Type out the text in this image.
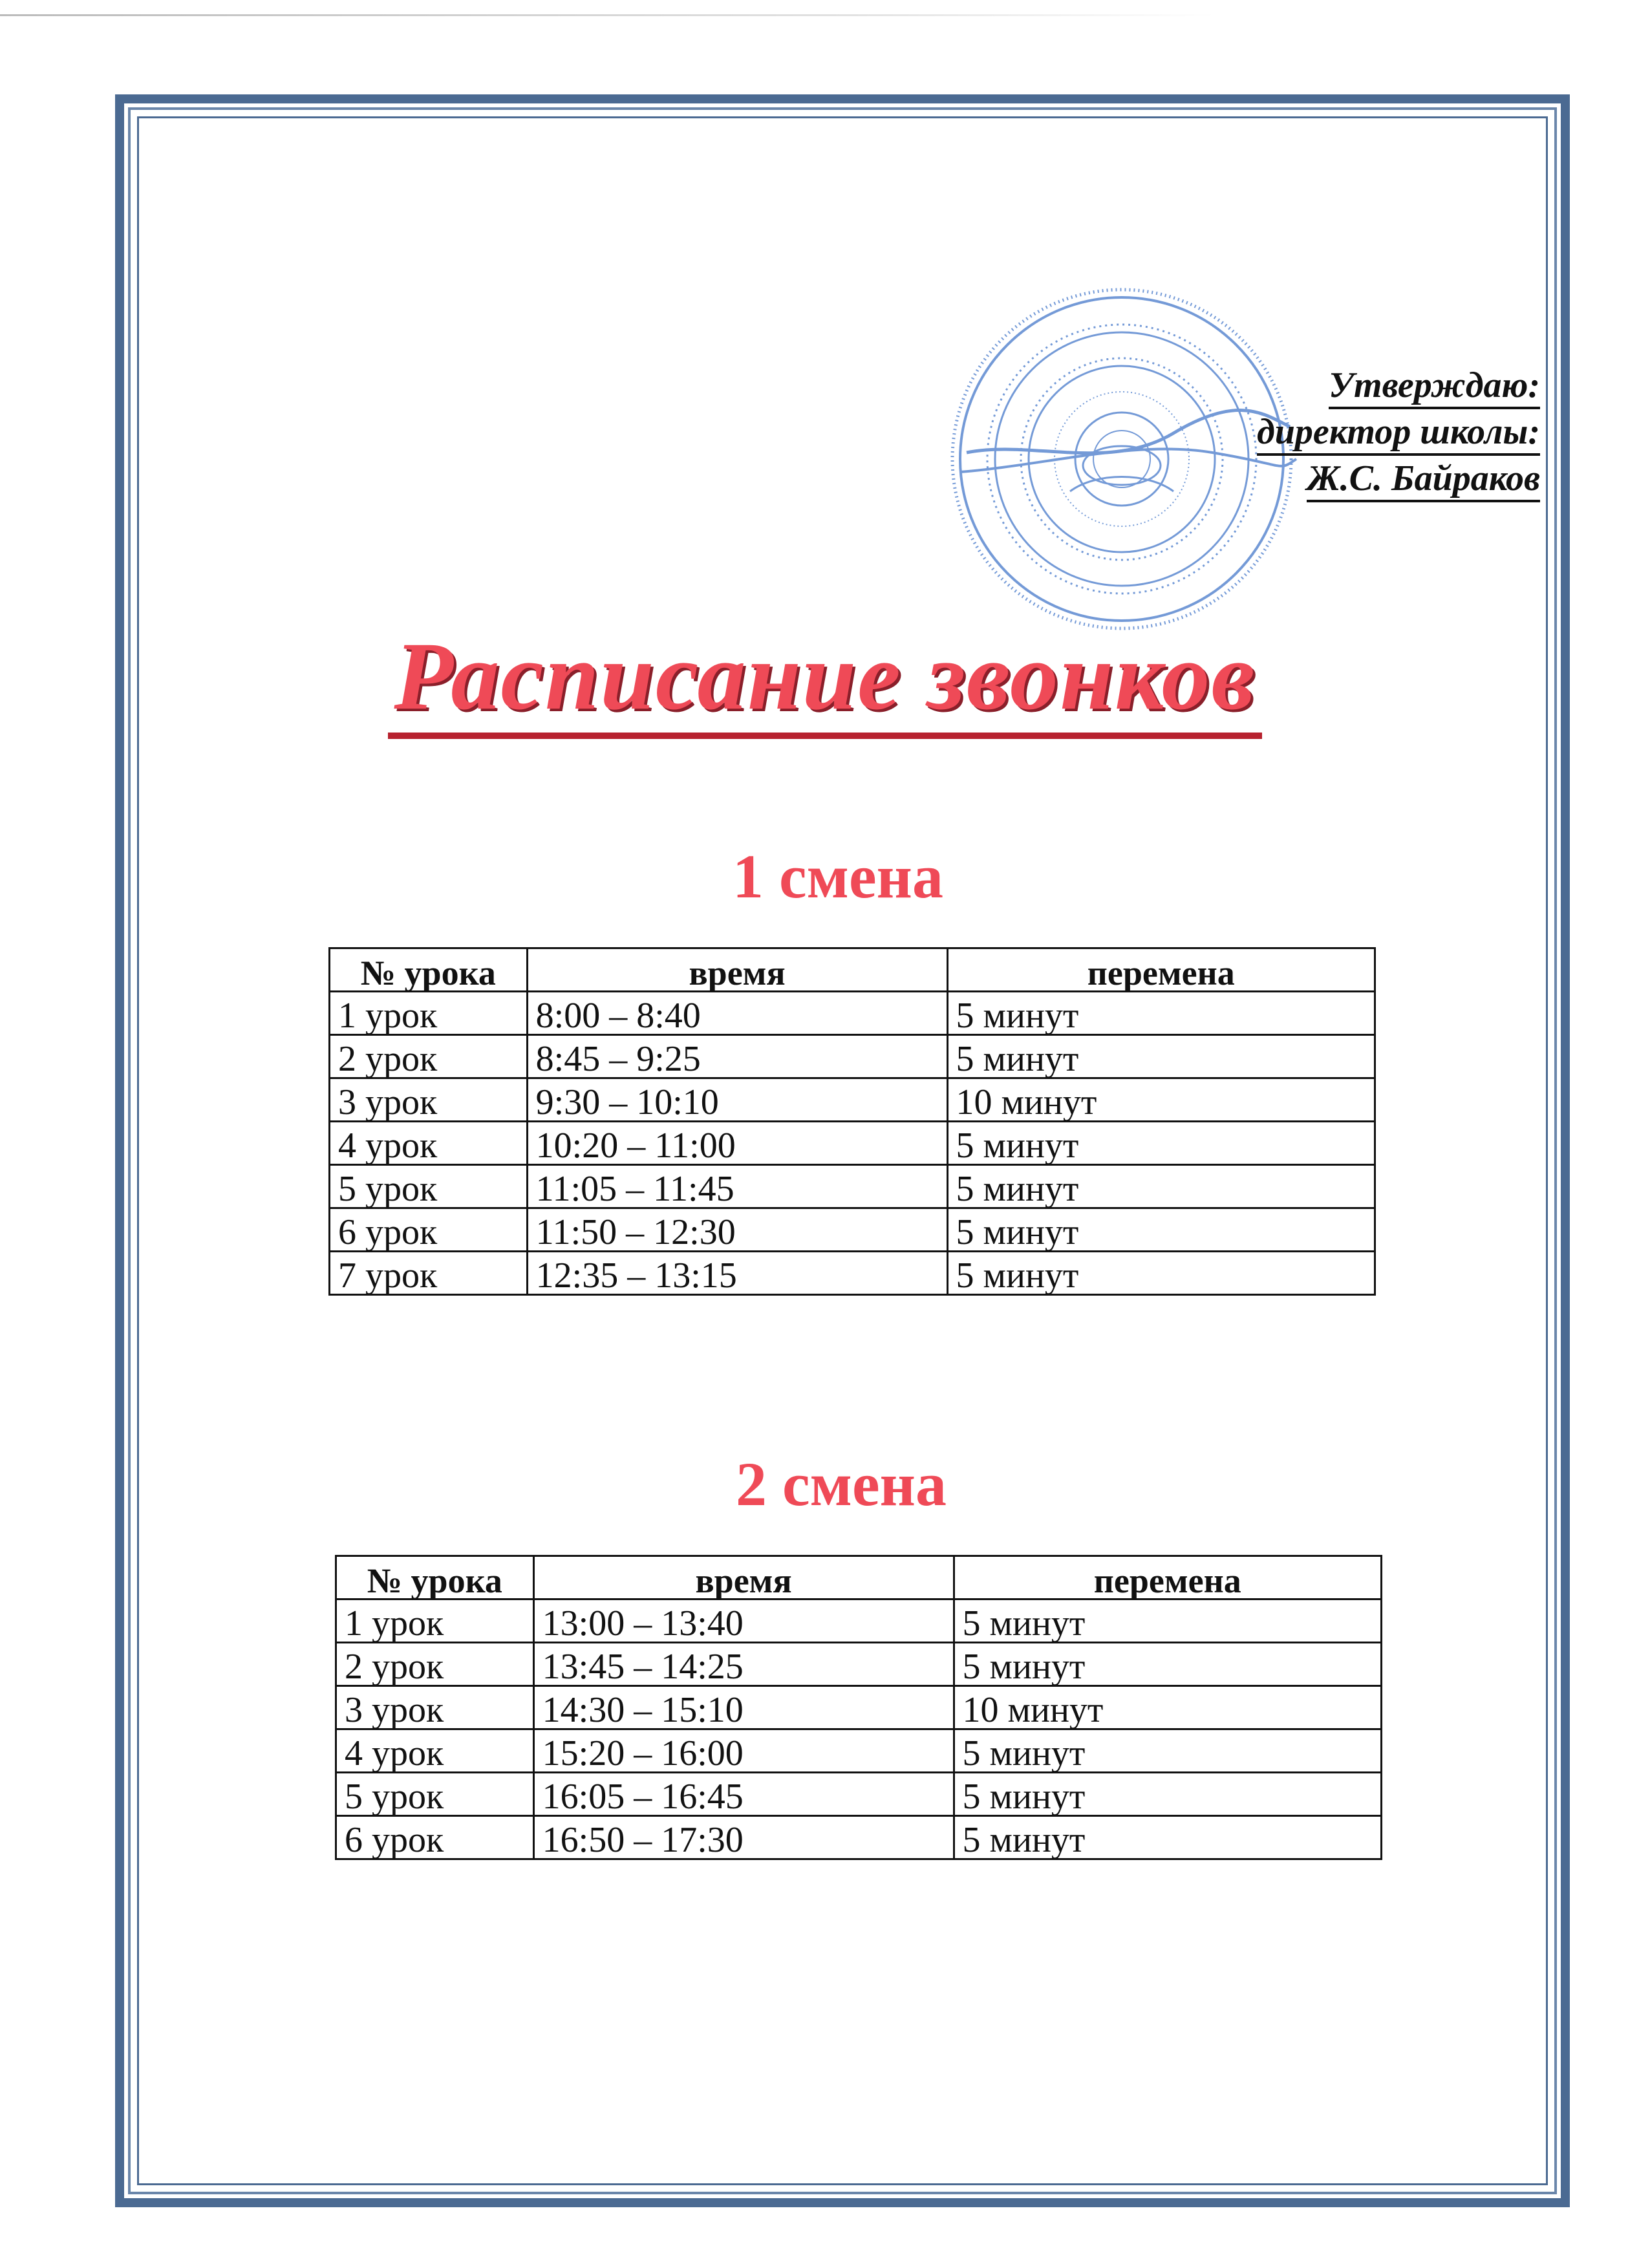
Утверждаю:
директор школы:
Ж.С. Байраков
Расписание звонков
1 смена
№ урока	время	перемена
1 урок	8:00 – 8:40	5 минут
2 урок	8:45 – 9:25	5 минут
3 урок	9:30 – 10:10	10 минут
4 урок	10:20 – 11:00	5 минут
5 урок	11:05 – 11:45	5 минут
6 урок	11:50 – 12:30	5 минут
7 урок	12:35 – 13:15	5 минут
2 смена
№ урока	время	перемена
1 урок	13:00 – 13:40	5 минут
2 урок	13:45 – 14:25	5 минут
3 урок	14:30 – 15:10	10 минут
4 урок	15:20 – 16:00	5 минут
5 урок	16:05 – 16:45	5 минут
6 урок	16:50 – 17:30	5 минут
